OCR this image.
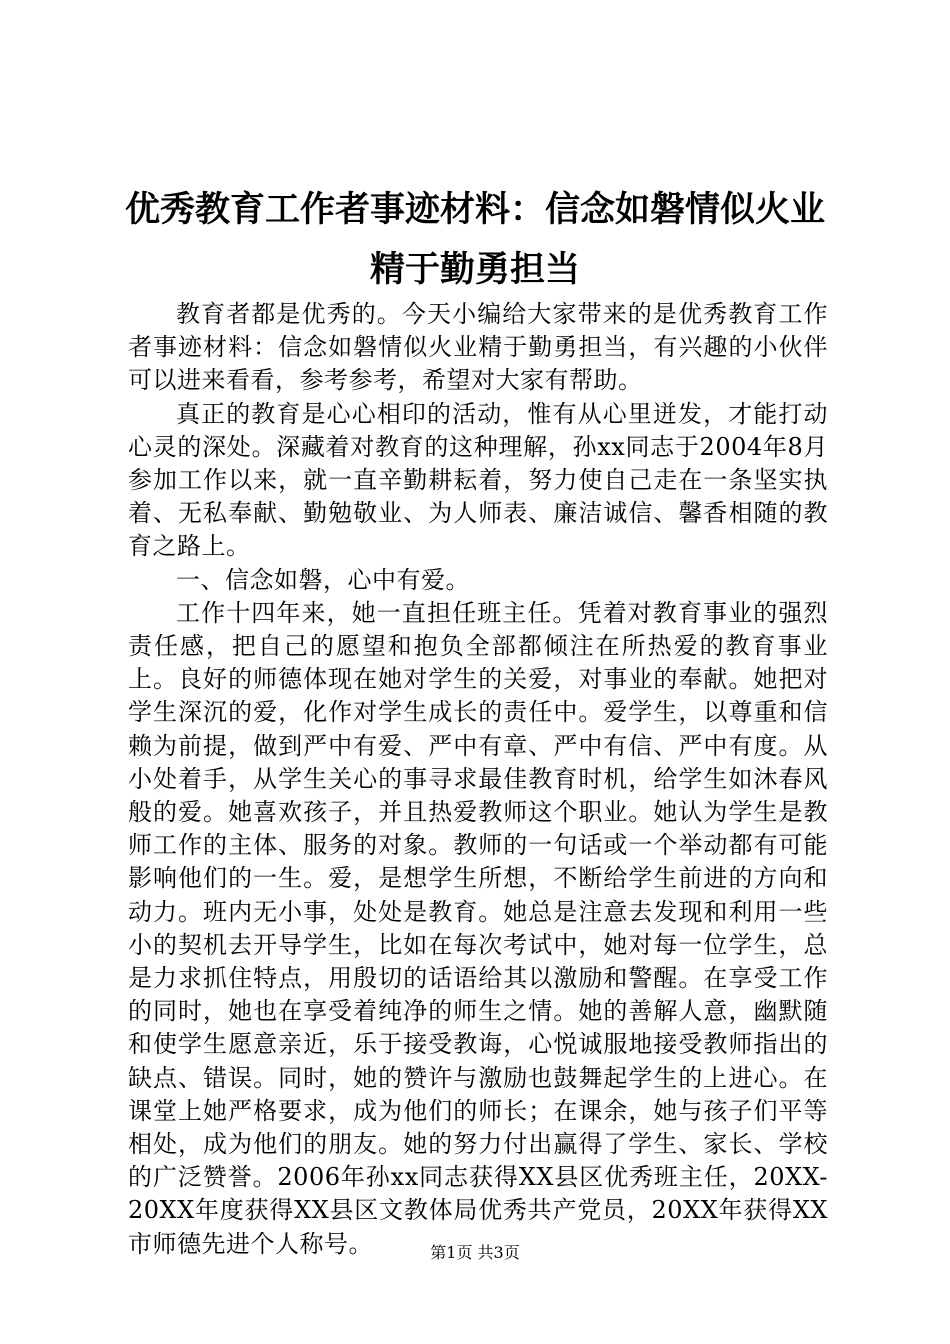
优秀教育工作者事迹材料：信念如磐情似火业
精于勤勇担当

教育者都是优秀的。今天小编给大家带来的是优秀教育工作者事迹材料：信念如磐情似火业精于勤勇担当，有兴趣的小伙伴可以进来看看，参考参考，希望对大家有帮助。

真正的教育是心心相印的活动，惟有从心里迸发，才能打动心灵的深处。深藏着对教育的这种理解，孙xx同志于2004年8月参加工作以来，就一直辛勤耕耘着，努力使自己走在一条坚实执着、无私奉献、勤勉敬业、为人师表、廉洁诚信、馨香相随的教育之路上。

一、信念如磐，心中有爱。

工作十四年来，她一直担任班主任。凭着对教育事业的强烈责任感，把自己的愿望和抱负全部都倾注在所热爱的教育事业上。良好的师德体现在她对学生的关爱，对事业的奉献。她把对学生深沉的爱，化作对学生成长的责任中。爱学生，以尊重和信赖为前提，做到严中有爱、严中有章、严中有信、严中有度。从小处着手，从学生关心的事寻求最佳教育时机，给学生如沐春风般的爱。她喜欢孩子，并且热爱教师这个职业。她认为学生是教师工作的主体、服务的对象。教师的一句话或一个举动都有可能影响他们的一生。爱，是想学生所想，不断给学生前进的方向和动力。班内无小事，处处是教育。她总是注意去发现和利用一些小的契机去开导学生，比如在每次考试中，她对每一位学生，总是力求抓住特点，用殷切的话语给其以激励和警醒。在享受工作的同时，她也在享受着纯净的师生之情。她的善解人意，幽默随和使学生愿意亲近，乐于接受教诲，心悦诚服地接受教师指出的缺点、错误。同时，她的赞许与激励也鼓舞起学生的上进心。在课堂上她严格要求，成为他们的师长；在课余，她与孩子们平等相处，成为他们的朋友。她的努力付出赢得了学生、家长、学校的广泛赞誉。2006年孙xx同志获得XX县区优秀班主任，20XX-20XX年度获得XX县区文教体局优秀共产党员，20XX年获得XX市师德先进个人称号。	第1页 共3页
